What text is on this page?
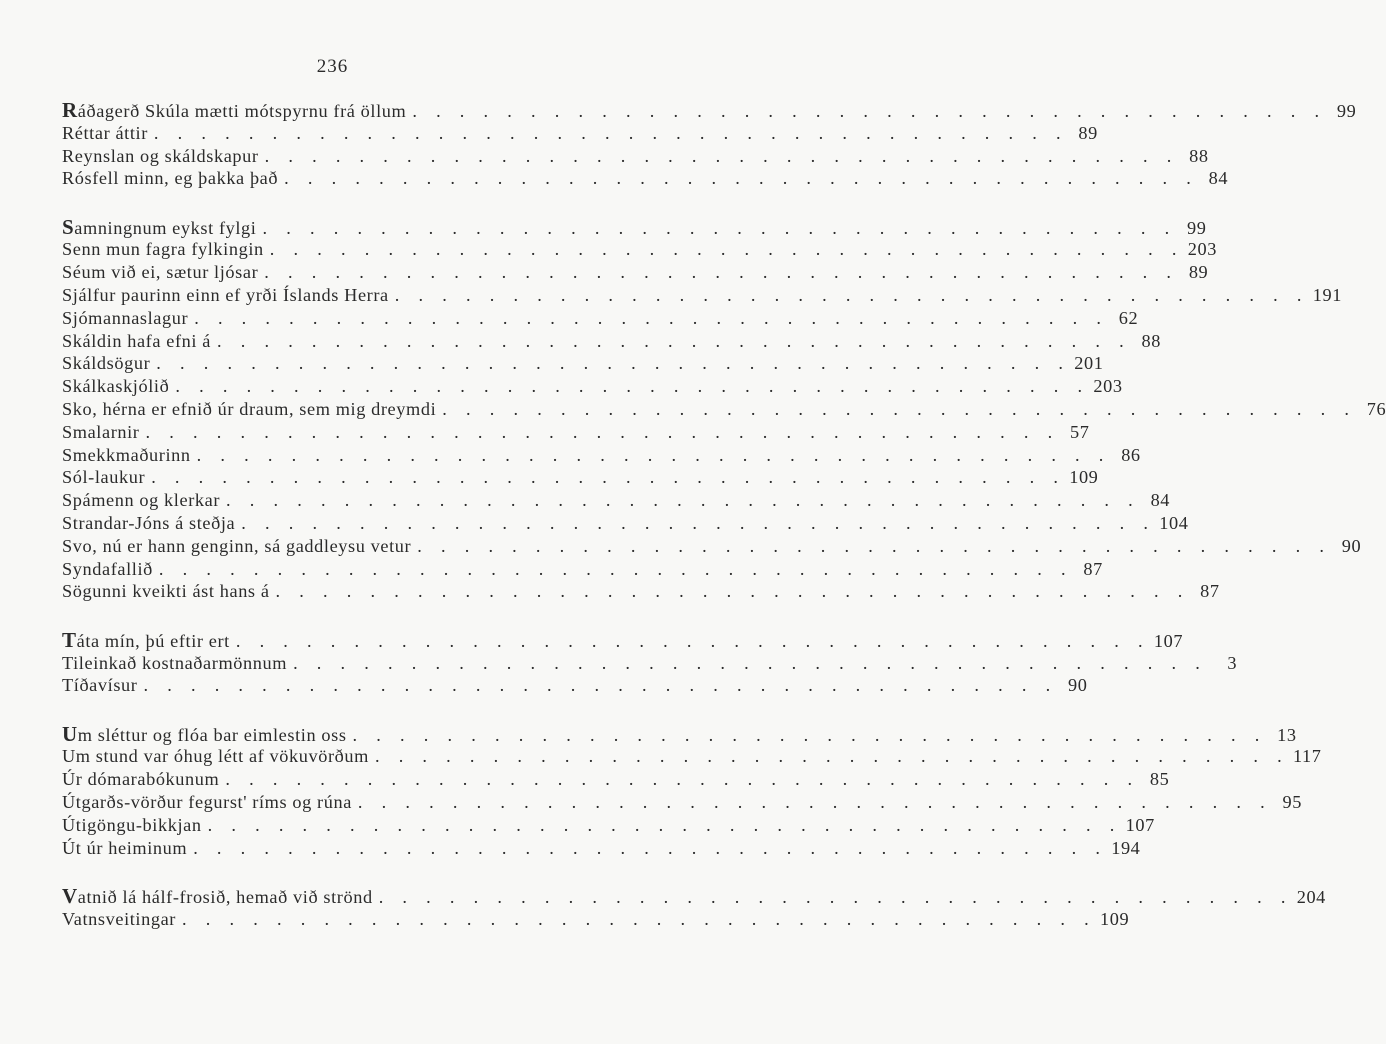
236
Ráðagerð Skúla mætti mótspyrnu frá öllum . . . . . . . . . . . . . . . . . . . . . . . . . . . . . . . . . . . . . . . 99
Réttar áttir . . . . . . . . . . . . . . . . . . . . . . . . . . . . . . . . . . . . . . . 89
Reynslan og skáldskapur . . . . . . . . . . . . . . . . . . . . . . . . . . . . . . . . . . . . . . . 88
Rósfell minn, eg þakka það . . . . . . . . . . . . . . . . . . . . . . . . . . . . . . . . . . . . . . . 84
Samningnum eykst fylgi . . . . . . . . . . . . . . . . . . . . . . . . . . . . . . . . . . . . . . . 99
Senn mun fagra fylkingin . . . . . . . . . . . . . . . . . . . . . . . . . . . . . . . . . . . . . . . 203
Séum við ei, sætur ljósar . . . . . . . . . . . . . . . . . . . . . . . . . . . . . . . . . . . . . . . 89
Sjálfur paurinn einn ef yrði Íslands Herra . . . . . . . . . . . . . . . . . . . . . . . . . . . . . . . . . . . . . . . 191
Sjómannaslagur . . . . . . . . . . . . . . . . . . . . . . . . . . . . . . . . . . . . . . . 62
Skáldin hafa efni á . . . . . . . . . . . . . . . . . . . . . . . . . . . . . . . . . . . . . . . 88
Skáldsögur . . . . . . . . . . . . . . . . . . . . . . . . . . . . . . . . . . . . . . . 201
Skálkaskjólið . . . . . . . . . . . . . . . . . . . . . . . . . . . . . . . . . . . . . . . 203
Sko, hérna er efnið úr draum, sem mig dreymdi . . . . . . . . . . . . . . . . . . . . . . . . . . . . . . . . . . . . . . . 76
Smalarnir . . . . . . . . . . . . . . . . . . . . . . . . . . . . . . . . . . . . . . . 57
Smekkmaðurinn . . . . . . . . . . . . . . . . . . . . . . . . . . . . . . . . . . . . . . . 86
Sól-laukur . . . . . . . . . . . . . . . . . . . . . . . . . . . . . . . . . . . . . . . 109
Spámenn og klerkar . . . . . . . . . . . . . . . . . . . . . . . . . . . . . . . . . . . . . . . 84
Strandar-Jóns á steðja . . . . . . . . . . . . . . . . . . . . . . . . . . . . . . . . . . . . . . . 104
Svo, nú er hann genginn, sá gaddleysu vetur . . . . . . . . . . . . . . . . . . . . . . . . . . . . . . . . . . . . . . . 90
Syndafallið . . . . . . . . . . . . . . . . . . . . . . . . . . . . . . . . . . . . . . . 87
Sögunni kveikti ást hans á . . . . . . . . . . . . . . . . . . . . . . . . . . . . . . . . . . . . . . . 87
Táta mín, þú eftir ert . . . . . . . . . . . . . . . . . . . . . . . . . . . . . . . . . . . . . . . 107
Tileinkað kostnaðarmönnum . . . . . . . . . . . . . . . . . . . . . . . . . . . . . . . . . . . . . . .	3
Tíðavísur . . . . . . . . . . . . . . . . . . . . . . . . . . . . . . . . . . . . . . . 90
Um sléttur og flóa bar eimlestin oss . . . . . . . . . . . . . . . . . . . . . . . . . . . . . . . . . . . . . . . 13
Um stund var óhug létt af vökuvörðum . . . . . . . . . . . . . . . . . . . . . . . . . . . . . . . . . . . . . . . 117
Úr dómarabókunum . . . . . . . . . . . . . . . . . . . . . . . . . . . . . . . . . . . . . . . 85
Útgarðs-vörður fegurst' ríms og rúna . . . . . . . . . . . . . . . . . . . . . . . . . . . . . . . . . . . . . . . 95
Útigöngu-bikkjan . . . . . . . . . . . . . . . . . . . . . . . . . . . . . . . . . . . . . . . 107
Út úr heiminum . . . . . . . . . . . . . . . . . . . . . . . . . . . . . . . . . . . . . . . 194
Vatnið lá hálf-frosið, hemað við strönd . . . . . . . . . . . . . . . . . . . . . . . . . . . . . . . . . . . . . . . 204
Vatnsveitingar . . . . . . . . . . . . . . . . . . . . . . . . . . . . . . . . . . . . . . . 109
